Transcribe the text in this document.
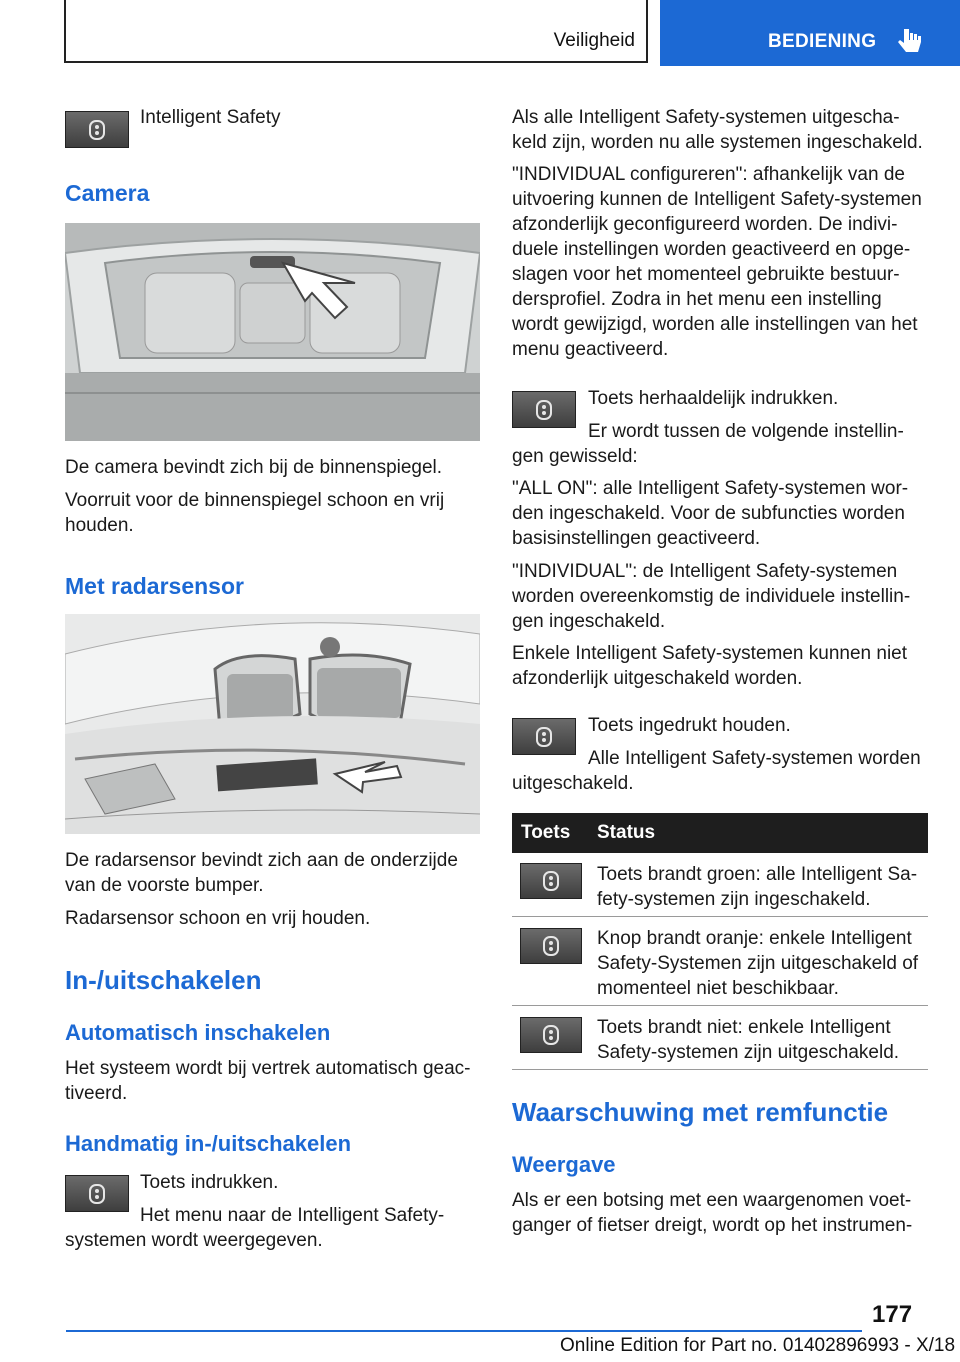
Veiligheid	BEDIENING

Intelligent Safety

Camera

De camera bevindt zich bij de binnenspiegel.

Voorruit voor de binnenspiegel schoon en vrij

houden.

Met radarsensor

De radarsensor bevindt zich aan de onderzijde

van de voorste bumper.

Radarsensor schoon en vrij houden.

In-/uitschakelen
Automatisch inschakelen

Het systeem wordt bij vertrek automatisch geac-

tiveerd.

Handmatig in-/uitschakelen

Toets indrukken.

Het menu naar de Intelligent Safety-

systemen wordt weergegeven.

Als alle Intelligent Safety-systemen uitgescha-

keld zijn, worden nu alle systemen ingeschakeld.

"INDIVIDUAL configureren": afhankelijk van de

uitvoering kunnen de Intelligent Safety-systemen

afzonderlijk geconfigureerd worden. De indivi-

duele instellingen worden geactiveerd en opge-

slagen voor het momenteel gebruikte bestuur-

dersprofiel. Zodra in het menu een instelling

wordt gewijzigd, worden alle instellingen van het

menu geactiveerd.

Toets herhaaldelijk indrukken.

Er wordt tussen de volgende instellin-

gen gewisseld:

"ALL ON": alle Intelligent Safety-systemen wor-

den ingeschakeld. Voor de subfuncties worden

basisinstellingen geactiveerd.

"INDIVIDUAL": de Intelligent Safety-systemen

worden overeenkomstig de individuele instellin-

gen ingeschakeld.

Enkele Intelligent Safety-systemen kunnen niet

afzonderlijk uitgeschakeld worden.

Toets ingedrukt houden.

Alle Intelligent Safety-systemen worden

uitgeschakeld.

Toets Status

Toets brandt groen: alle Intelligent Sa-

fety-systemen zijn ingeschakeld.

Knop brandt oranje: enkele Intelligent

Safety-Systemen zijn uitgeschakeld of

momenteel niet beschikbaar.

Toets brandt niet: enkele Intelligent

Safety-systemen zijn uitgeschakeld.

Waarschuwing met remfunctie
Weergave

Als er een botsing met een waargenomen voet-

ganger of fietser dreigt, wordt op het instrumen-

177
Online Edition for Part no. 01402896993 - X/18
